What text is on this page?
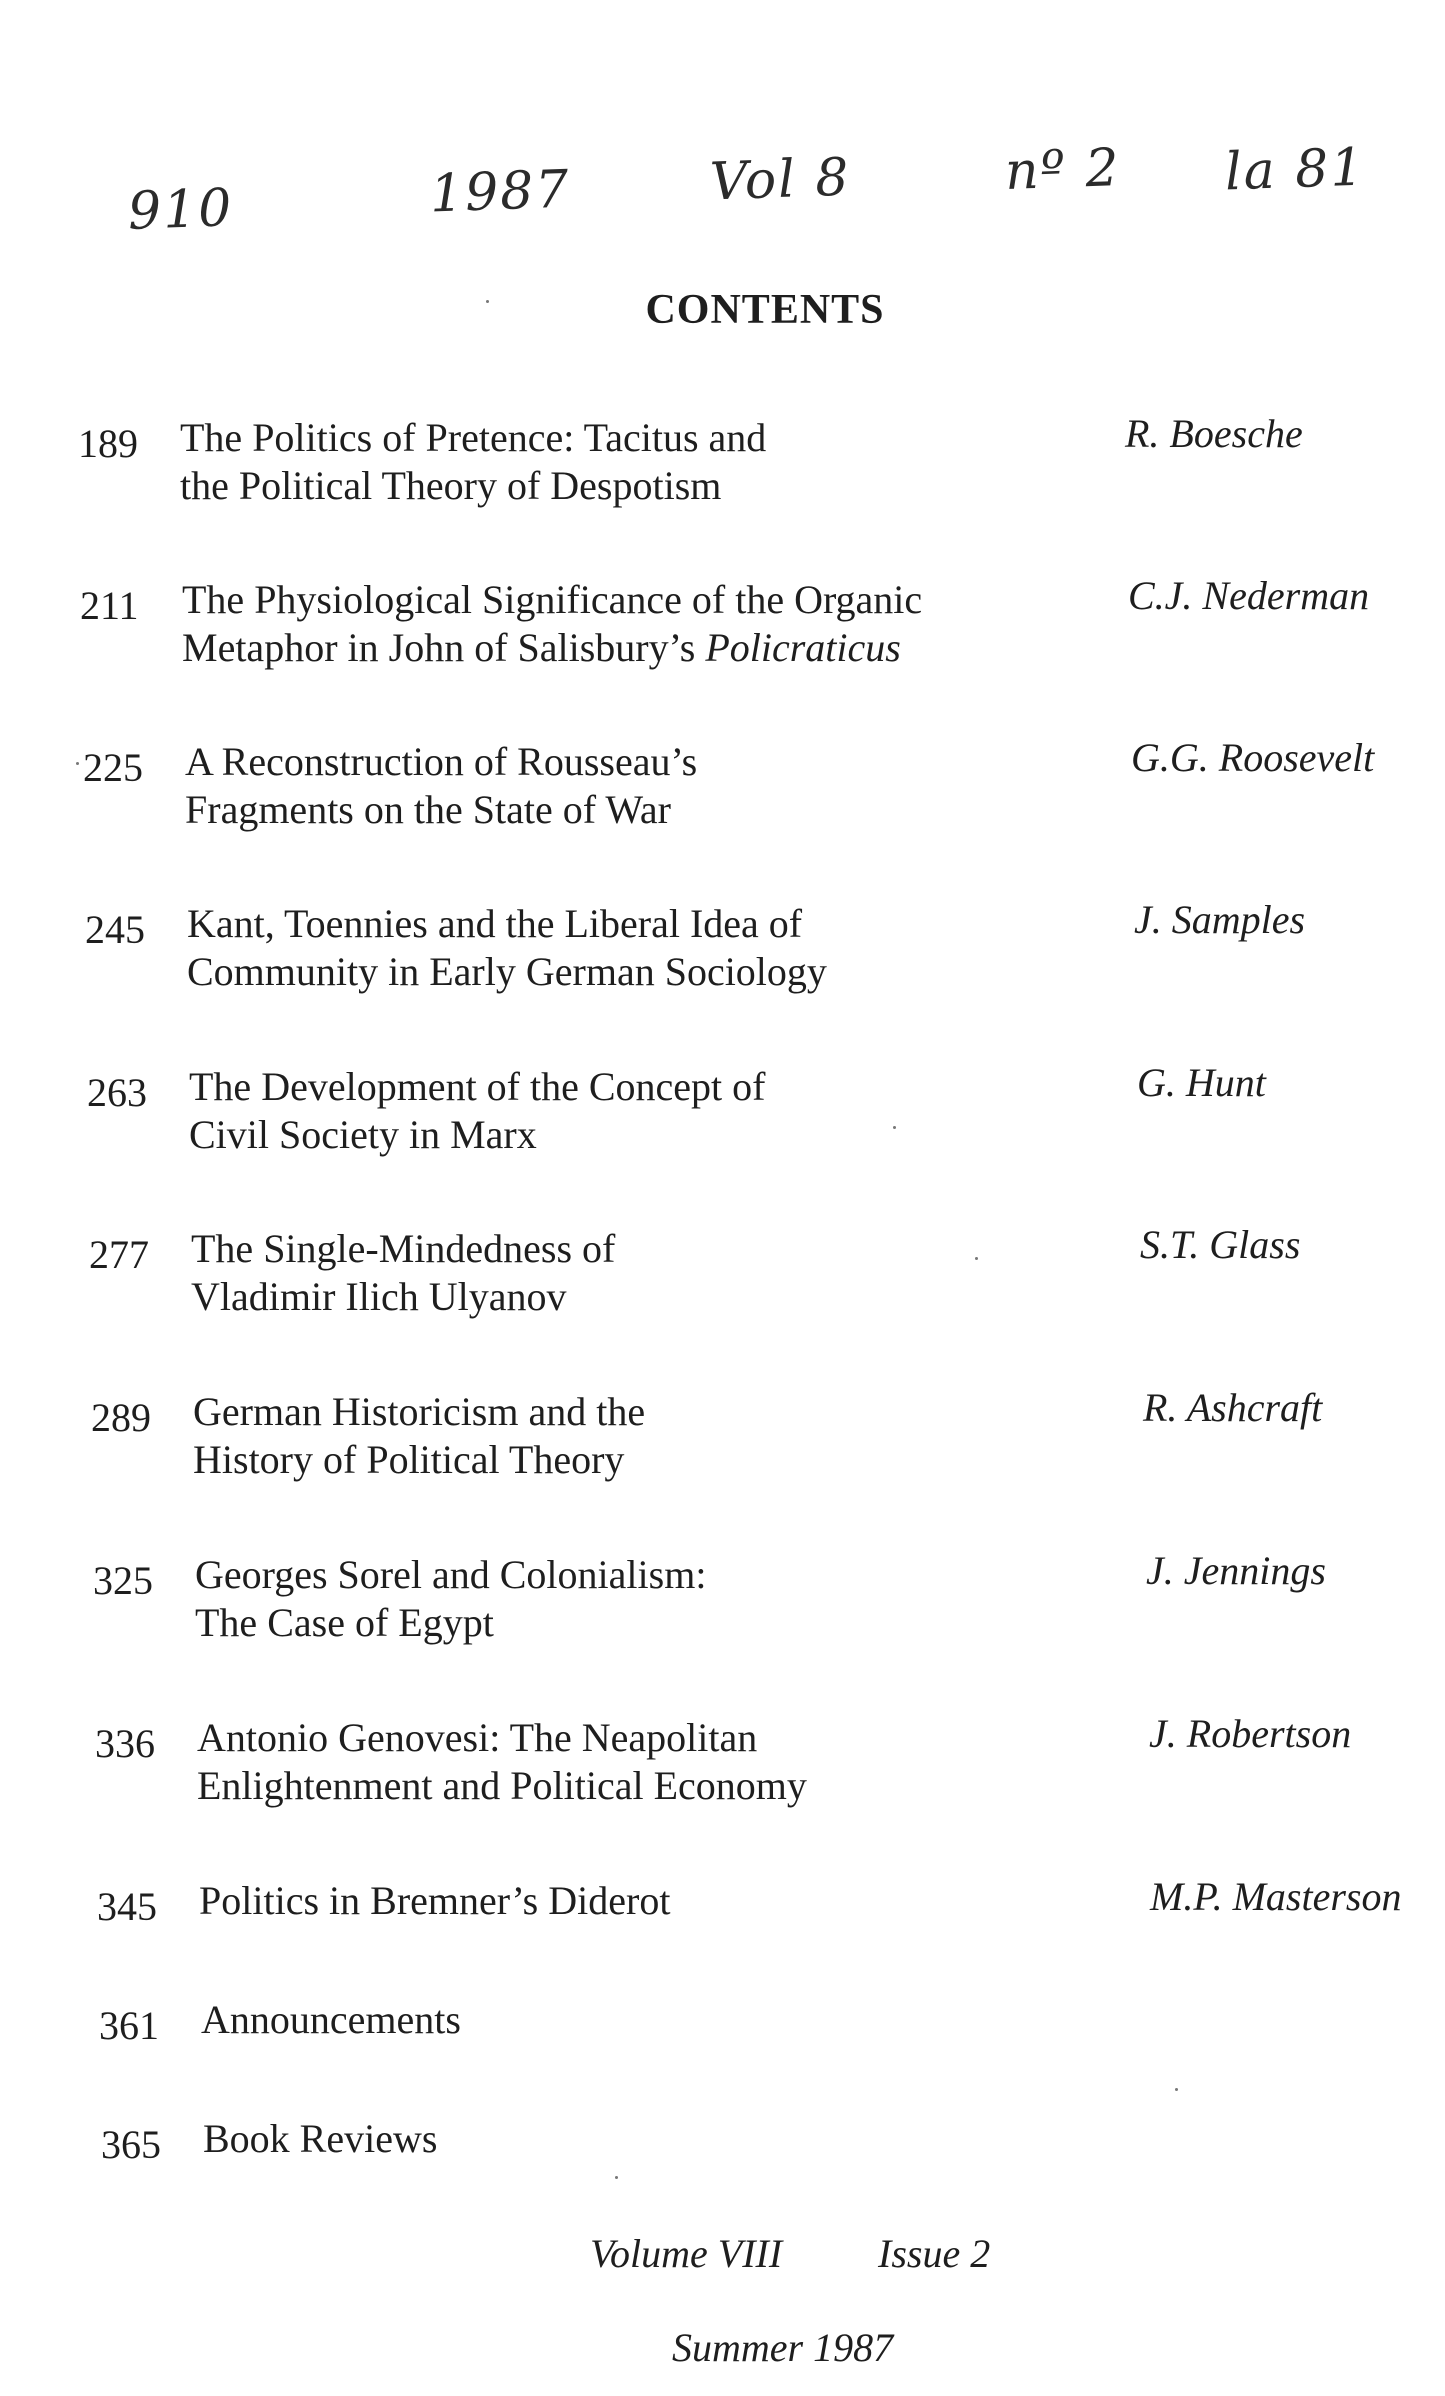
910	1987	Vol 8	nº 2 la 81
CONTENTS
189 The Politics of Pretence: Tacitus and
the Political Theory of Despotism
R. Boesche
211 The Physiological Significance of the Organic
Metaphor in John of Salisbury’s Policraticus
C.J. Nederman
225 A Reconstruction of Rousseau’s
Fragments on the State of War
G.G. Roosevelt
245 Kant, Toennies and the Liberal Idea of
Community in Early German Sociology
J. Samples
263 The Development of the Concept of
Civil Society in Marx
G. Hunt
277 The Single-Mindedness of
Vladimir Ilich Ulyanov
S.T. Glass
289 German Historicism and the
History of Political Theory
R. Ashcraft
325 Georges Sorel and Colonialism:
The Case of Egypt
J. Jennings
336 Antonio Genovesi: The Neapolitan
Enlightenment and Political Economy
J. Robertson
345 Politics in Bremner’s Diderot	M.P. Masterson
361 Announcements
365 Book Reviews
Volume VIII Issue 2
Summer 1987
